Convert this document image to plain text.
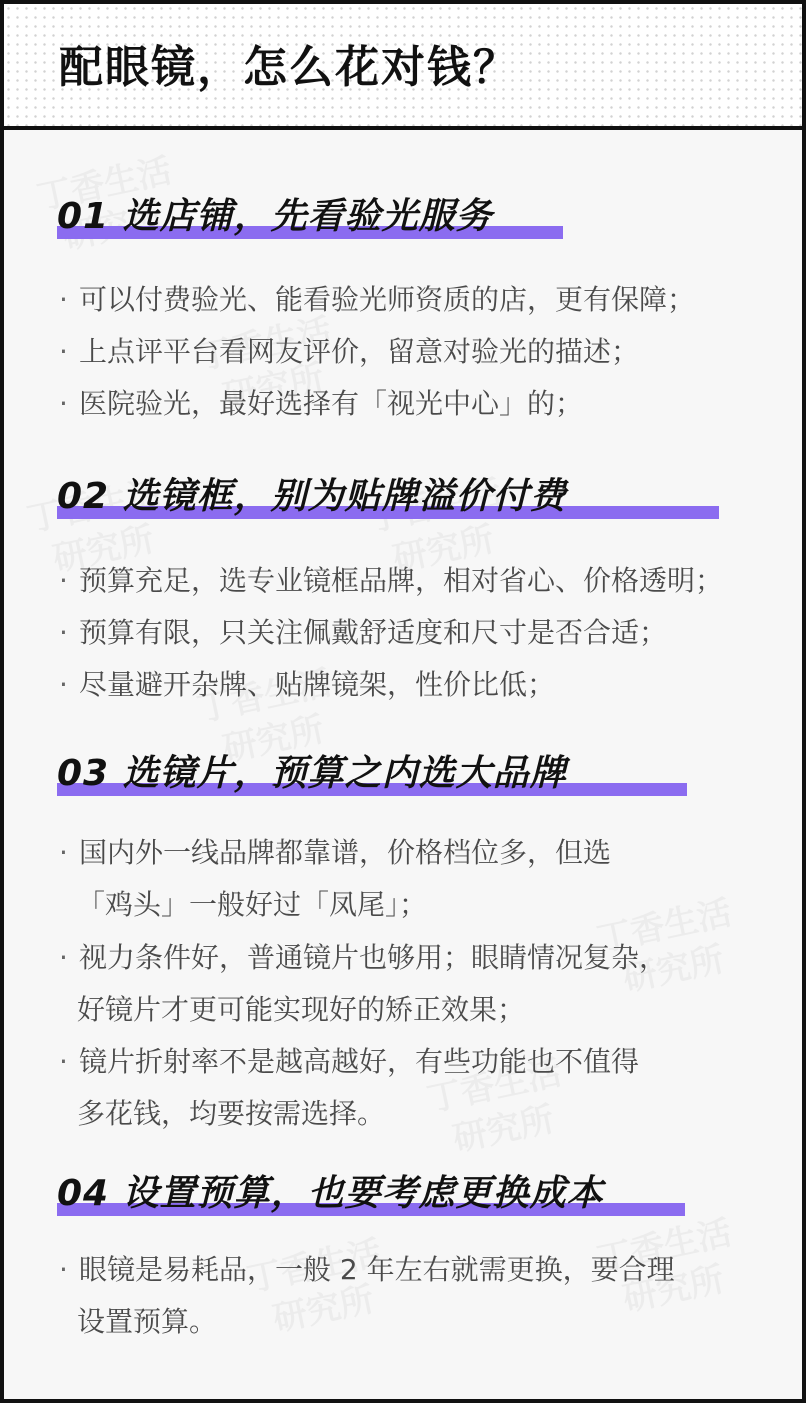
配眼镜，怎么花对钱？
01 选店铺，先看验光服务
· 可以付费验光、能看验光师资质的店，更有保障；
· 上点评平台看网友评价，留意对验光的描述；
· 医院验光，最好选择有「视光中心」的；
02 选镜框，别为贴牌溢价付费
· 预算充足，选专业镜框品牌，相对省心、价格透明；
· 预算有限，只关注佩戴舒适度和尺寸是否合适；
· 尽量避开杂牌、贴牌镜架，性价比低；
03 选镜片，预算之内选大品牌
· 国内外一线品牌都靠谱，价格档位多，但选
「鸡头」一般好过「凤尾」；
· 视力条件好，普通镜片也够用；眼睛情况复杂，
好镜片才更可能实现好的矫正效果；
· 镜片折射率不是越高越好，有些功能也不值得
多花钱，均要按需选择。
04 设置预算，也要考虑更换成本
· 眼镜是易耗品，一般 2 年左右就需更换，要合理
设置预算。
